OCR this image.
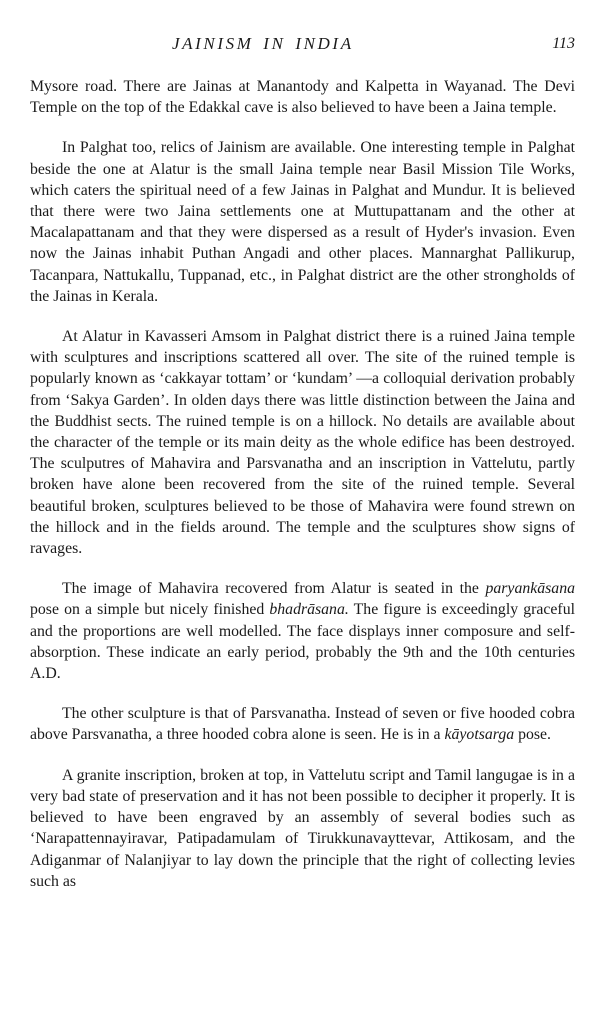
JAINISM IN INDIA	113

Mysore road. There are Jainas at Manantody and Kalpetta in Wayanad. The Devi Temple on the top of the Edakkal cave is also believed to have been a Jaina temple.

In Palghat too, relics of Jainism are available. One interesting temple in Palghat beside the one at Alatur is the small Jaina temple near Basil Mission Tile Works, which caters the spiritual need of a few Jainas in Palghat and Mundur. It is believed that there were two Jaina settlements one at Muttupattanam and the other at Macalapattanam and that they were dispersed as a result of Hyder's invasion. Even now the Jainas inhabit Puthan Angadi and other places. Mannarghat Pallikurup, Tacanpara, Nattukallu, Tuppanad, etc., in Palghat district are the other strongholds of the Jainas in Kerala.

At Alatur in Kavasseri Amsom in Palghat district there is a ruined Jaina temple with sculptures and inscriptions scattered all over. The site of the ruined temple is popularly known as ‘cakkayar tottam’ or ‘kundam’ —a colloquial derivation probably from ‘Sakya Garden’. In olden days there was little distinction between the Jaina and the Buddhist sects. The ruined temple is on a hillock. No details are available about the character of the temple or its main deity as the whole edifice has been destroyed. The sculputres of Mahavira and Parsvanatha and an inscription in Vattelutu, partly broken have alone been recovered from the site of the ruined temple. Several beautiful broken, sculptures believed to be those of Mahavira were found strewn on the hillock and in the fields around. The temple and the sculptures show signs of ravages.

The image of Mahavira recovered from Alatur is seated in the paryankāsana pose on a simple but nicely finished bhadrāsana. The figure is exceedingly graceful and the proportions are well modelled. The face displays inner composure and self-absorption. These indicate an early period, probably the 9th and the 10th centuries A.D.

The other sculpture is that of Parsvanatha. Instead of seven or five hooded cobra above Parsvanatha, a three hooded cobra alone is seen. He is in a kāyotsarga pose.

A granite inscription, broken at top, in Vattelutu script and Tamil langugae is in a very bad state of preservation and it has not been possible to decipher it properly. It is believed to have been engraved by an assembly of several bodies such as ‘Narapattennayiravar, Patipadamulam of Tirukkunavayttevar, Attikosam, and the Adiganmar of Nalanjiyar to lay down the principle that the right of collecting levies such as
